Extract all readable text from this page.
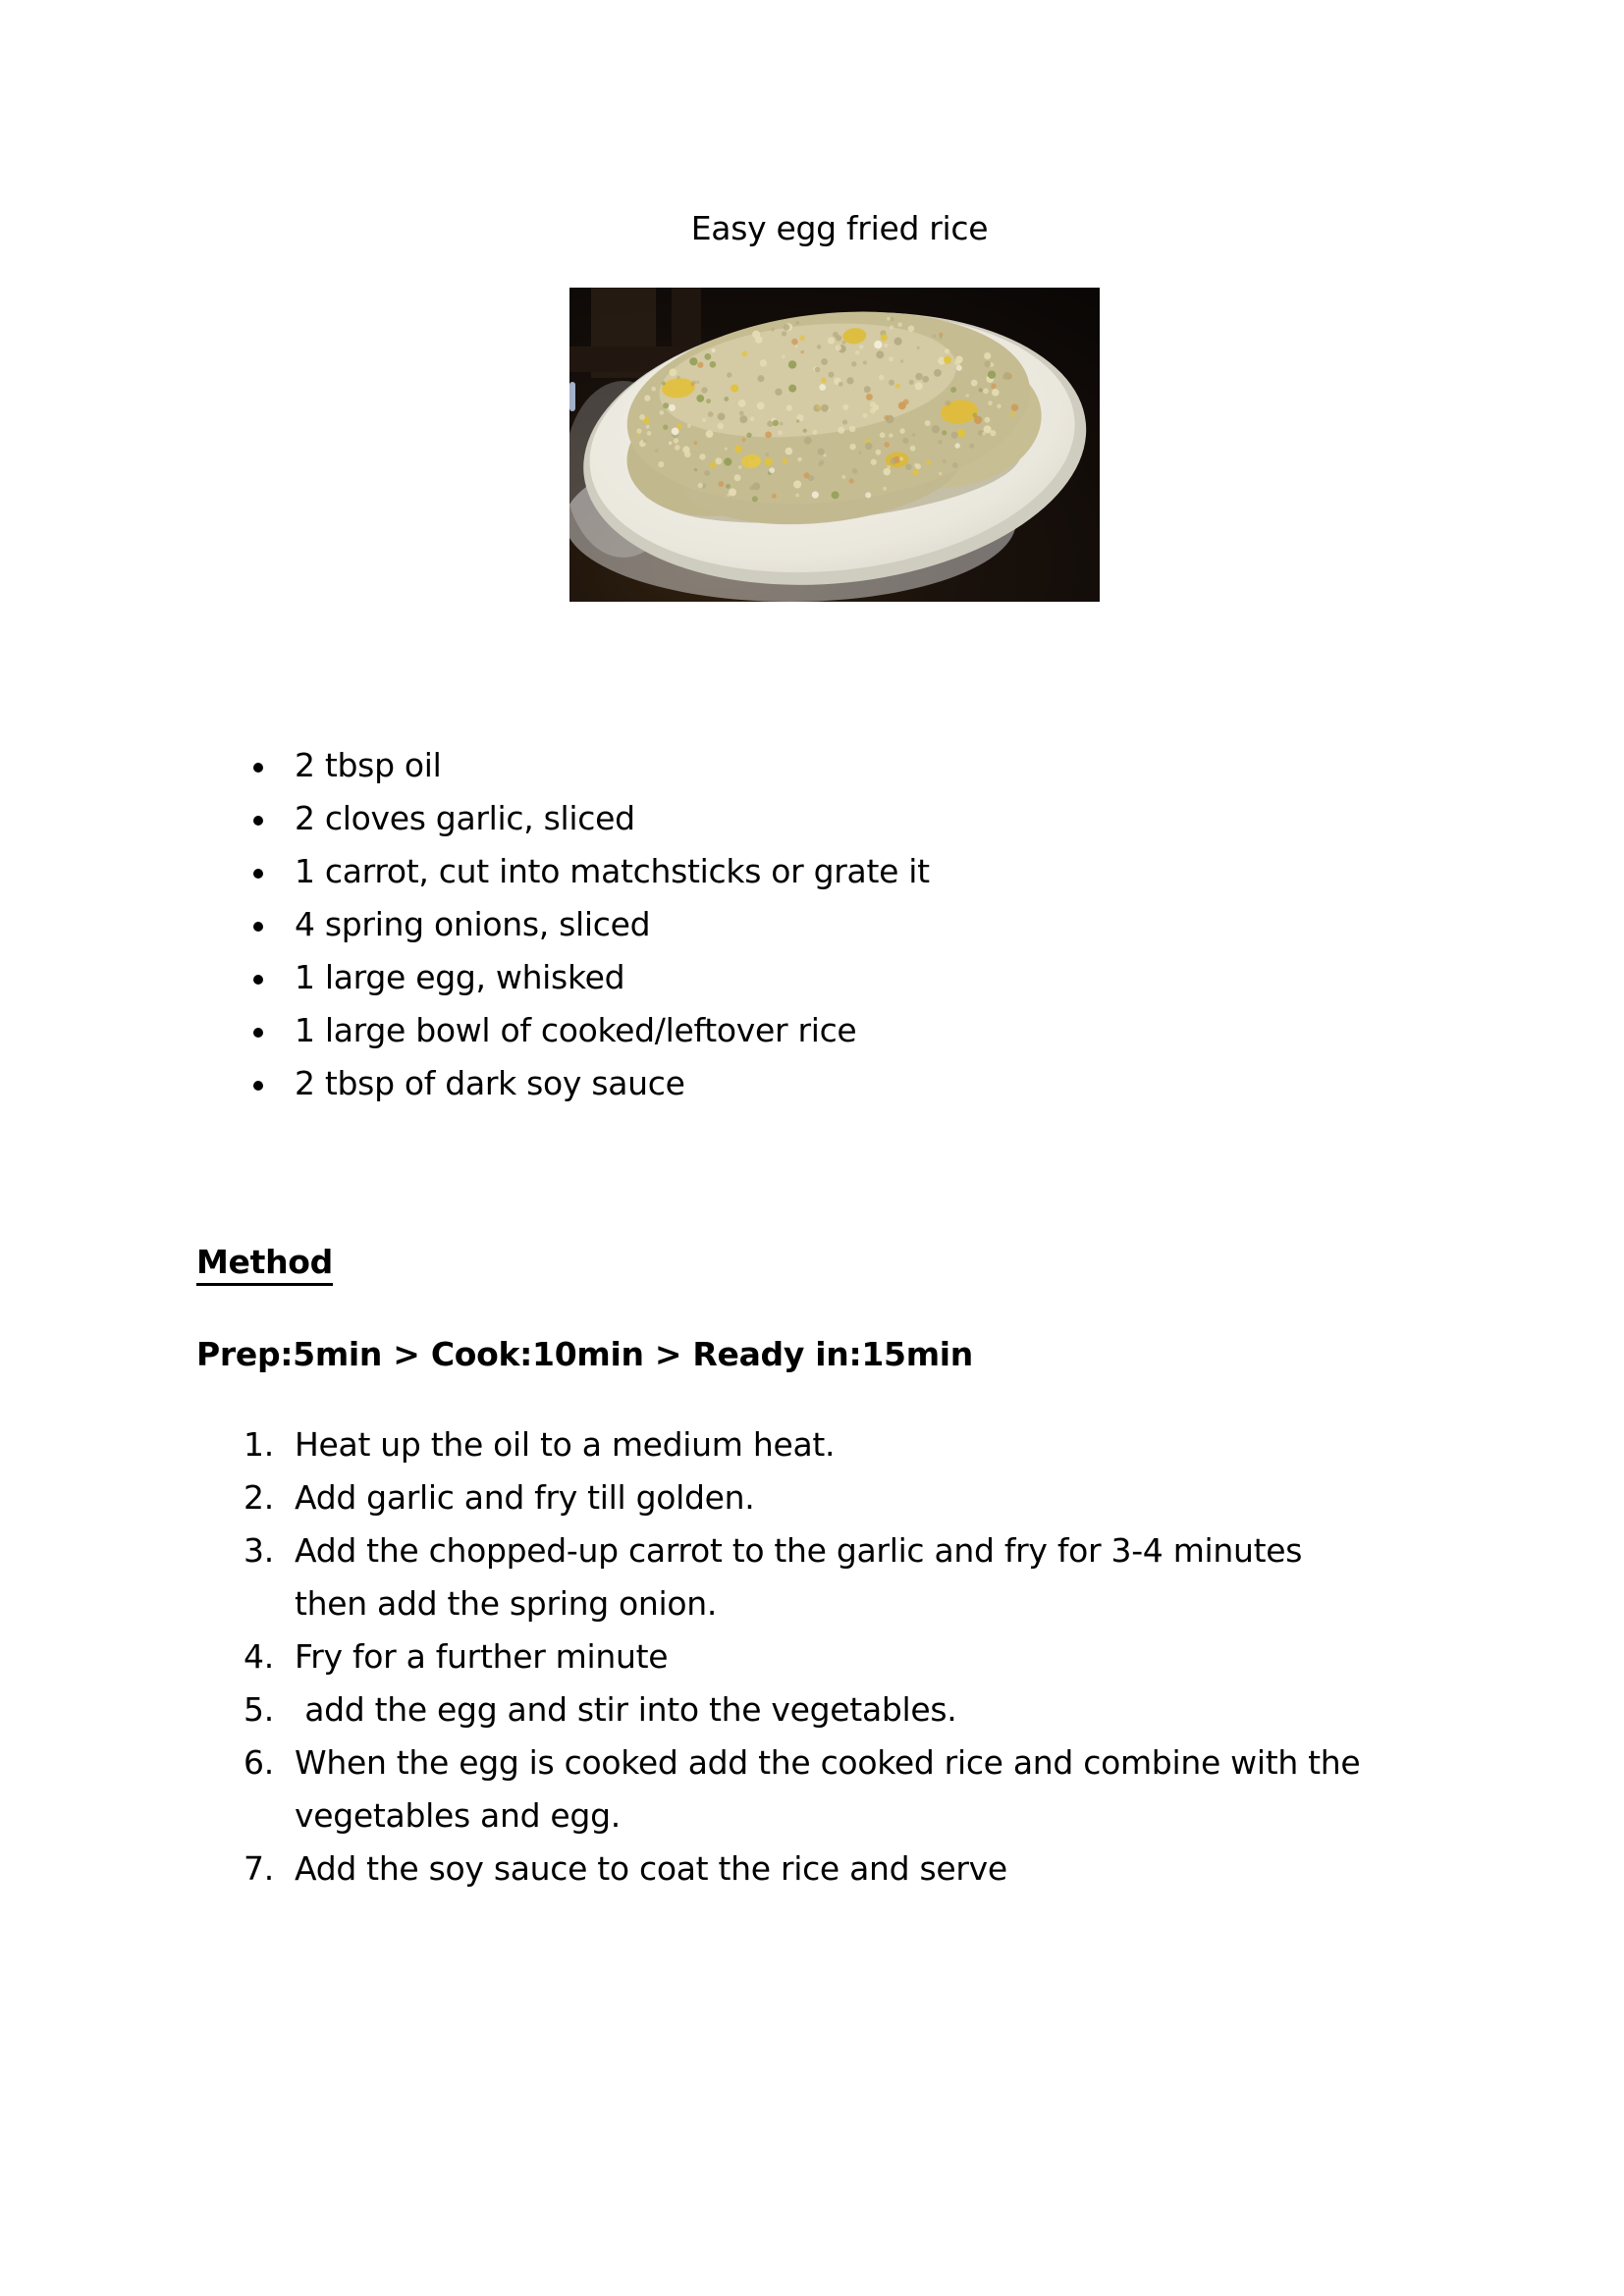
Easy egg fried rice
2 tbsp oil
2 cloves garlic, sliced
1 carrot, cut into matchsticks or grate it
4 spring onions, sliced
1 large egg, whisked
1 large bowl of cooked/leftover rice
2 tbsp of dark soy sauce
Method

Prep:5min > Cook:10min > Ready in:15min

1. Heat up the oil to a medium heat.
2. Add garlic and fry till golden.
3. Add the chopped-up carrot to the garlic and fry for 3-4 minutes then add the spring onion.
4. Fry for a further minute
5. add the egg and stir into the vegetables.
6. When the egg is cooked add the cooked rice and combine with the vegetables and egg.
7. Add the soy sauce to coat the rice and serve
